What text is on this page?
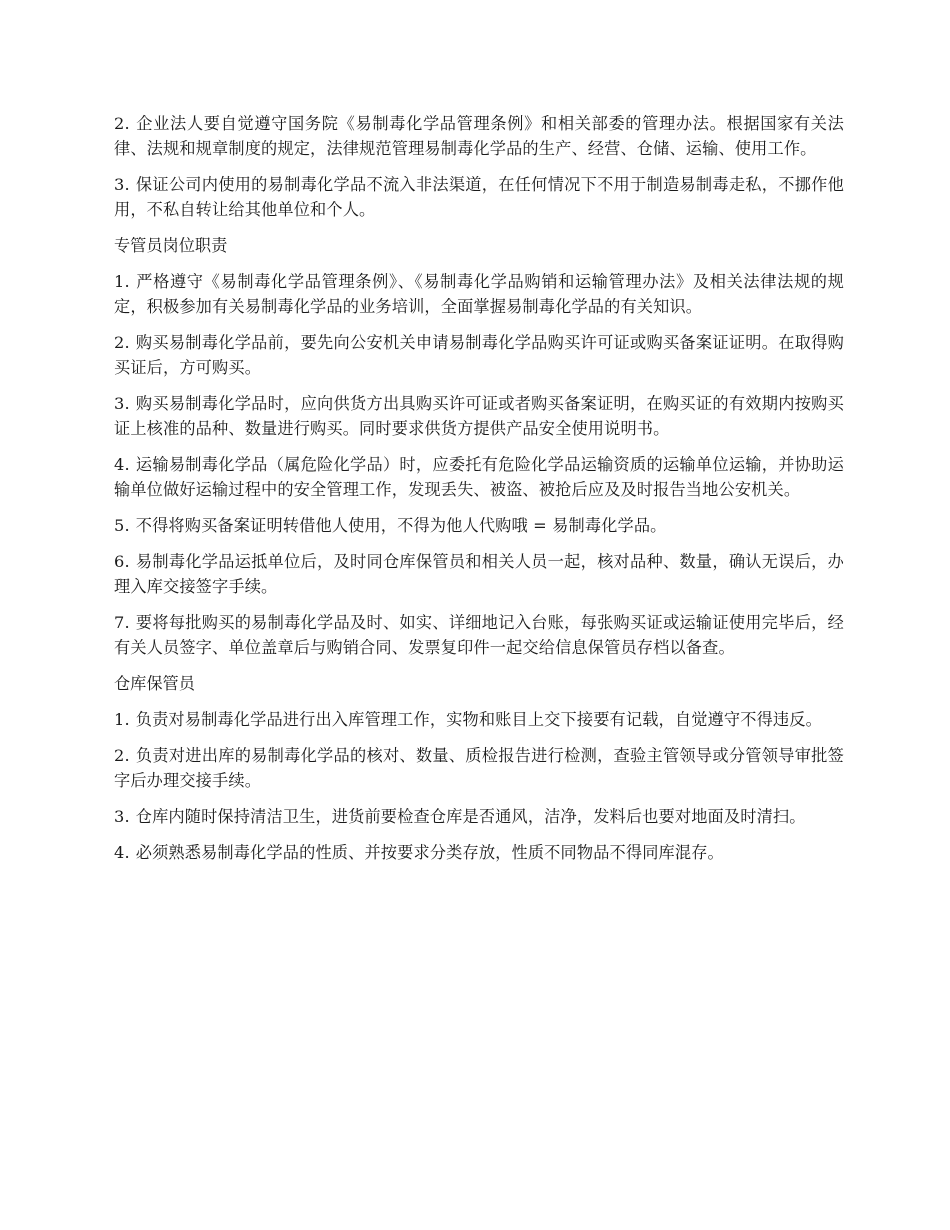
2. 企业法人要自觉遵守国务院《易制毒化学品管理条例》和相关部委的管理办法。根据国家有关法律、法规和规章制度的规定，法律规范管理易制毒化学品的生产、经营、仓储、运输、使用工作。

3. 保证公司内使用的易制毒化学品不流入非法渠道，在任何情况下不用于制造易制毒走私，不挪作他用，不私自转让给其他单位和个人。

专管员岗位职责

1. 严格遵守《易制毒化学品管理条例》、《易制毒化学品购销和运输管理办法》及相关法律法规的规定，积极参加有关易制毒化学品的业务培训，全面掌握易制毒化学品的有关知识。

2. 购买易制毒化学品前，要先向公安机关申请易制毒化学品购买许可证或购买备案证证明。在取得购买证后，方可购买。

3. 购买易制毒化学品时，应向供货方出具购买许可证或者购买备案证明，在购买证的有效期内按购买证上核准的品种、数量进行购买。同时要求供货方提供产品安全使用说明书。

4. 运输易制毒化学品（属危险化学品）时，应委托有危险化学品运输资质的运输单位运输，并协助运输单位做好运输过程中的安全管理工作，发现丢失、被盗、被抢后应及及时报告当地公安机关。

5. 不得将购买备案证明转借他人使用，不得为他人代购哦 = 易制毒化学品。

6. 易制毒化学品运抵单位后，及时同仓库保管员和相关人员一起，核对品种、数量，确认无误后，办理入库交接签字手续。

7. 要将每批购买的易制毒化学品及时、如实、详细地记入台账，每张购买证或运输证使用完毕后，经有关人员签字、单位盖章后与购销合同、发票复印件一起交给信息保管员存档以备查。

仓库保管员

1. 负责对易制毒化学品进行出入库管理工作，实物和账目上交下接要有记载，自觉遵守不得违反。

2. 负责对进出库的易制毒化学品的核对、数量、质检报告进行检测，查验主管领导或分管领导审批签字后办理交接手续。

3. 仓库内随时保持清洁卫生，进货前要检查仓库是否通风，洁净，发料后也要对地面及时清扫。

4. 必须熟悉易制毒化学品的性质、并按要求分类存放，性质不同物品不得同库混存。
